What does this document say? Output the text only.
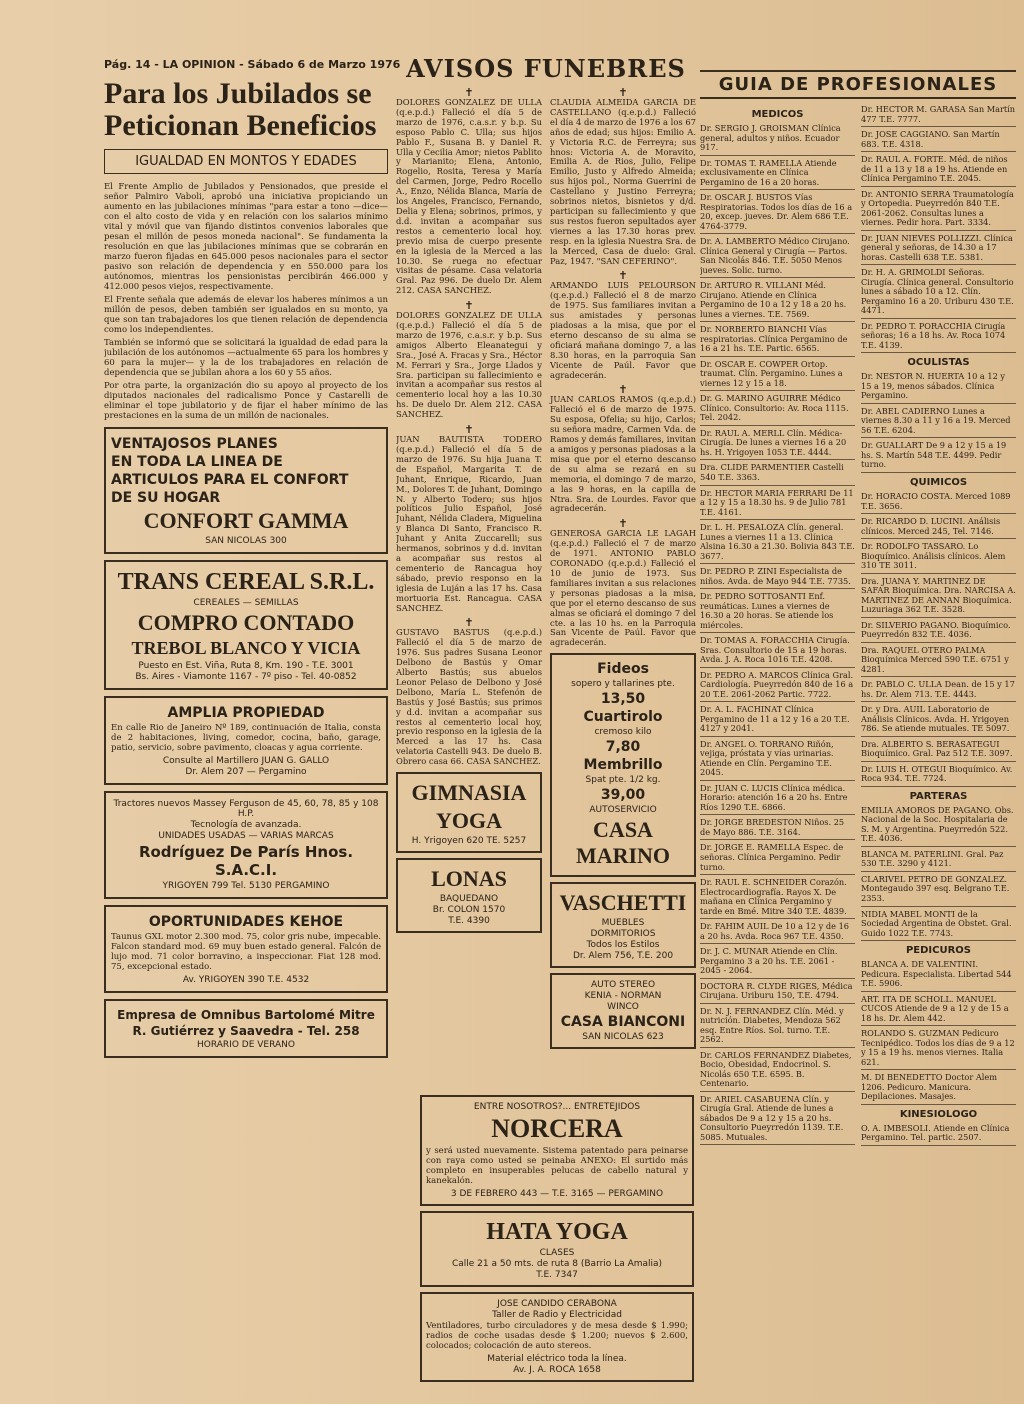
Pág. 14 - LA OPINION - Sábado 6 de Marzo 1976
Para los Jubilados se Peticionan Beneficios
IGUALDAD EN MONTOS Y EDADES

El Frente Amplio de Jubilados y Pensionados, que preside el señor Palmiro Vaboli, aprobó una iniciativa propiciando un aumento en las jubilaciones mínimas "para estar a tono —dice— con el alto costo de vida y en relación con los salarios mínimo vital y móvil que van fijando distintos convenios laborales que pesan el millón de pesos moneda nacional". Se fundamenta la resolución en que las jubilaciones mínimas que se cobrarán en marzo fueron fijadas en 645.000 pesos nacionales para el sector pasivo son relación de dependencia y en 550.000 para los autónomos, mientras los pensionistas percibirán 466.000 y 412.000 pesos viejos, respectivamente.

El Frente señala que además de elevar los haberes mínimos a un millón de pesos, deben también ser igualados en su monto, ya que son tan trabajadores los que tienen relación de dependencia como los independientes.

También se informó que se solicitará la igualdad de edad para la jubilación de los autónomos —actualmente 65 para los hombres y 60 para la mujer— y la de los trabajadores en relación de dependencia que se jubilan ahora a los 60 y 55 años.

Por otra parte, la organización dio su apoyo al proyecto de los diputados nacionales del radicalismo Ponce y Castarelli de eliminar el tope jubilatorio y de fijar el haber mínimo de las prestaciones en la suma de un millón de nacionales.

VENTAJOSOS PLANES
EN TODA LA LINEA DE
ARTICULOS PARA EL CONFORT
DE SU HOGAR
CONFORT GAMMA
SAN NICOLAS 300
TRANS CEREAL S.R.L.
CEREALES — SEMILLAS
COMPRO CONTADO
TREBOL BLANCO Y VICIA
Puesto en Est. Viña, Ruta 8, Km. 190 - T.E. 3001
Bs. Aires - Viamonte 1167 - 7º piso - Tel. 40-0852
AMPLIA PROPIEDAD

En calle Rio de Janeiro Nº 189, continuación de Italia, consta de 2 habitaciones, living, comedor, cocina, baño, garage, patio, servicio, sobre pavimento, cloacas y agua corriente.

Consulte al Martillero JUAN G. GALLO
Dr. Alem 207 — Pergamino
Tractores nuevos Massey Ferguson de 45, 60, 78, 85 y 108 H.P.
Tecnología de avanzada.
UNIDADES USADAS — VARIAS MARCAS
Rodríguez De París Hnos. S.A.C.I.
YRIGOYEN 799 Tel. 5130 PERGAMINO
OPORTUNIDADES KEHOE

Taunus GXL motor 2.300 mod. 75, color gris nube, impecable. Falcon standard mod. 69 muy buen estado general. Falcón de lujo mod. 71 color borravino, a inspeccionar. Fiat 128 mod. 75, excepcional estado.

Av. YRIGOYEN 390 T.E. 4532
Empresa de Omnibus Bartolomé Mitre
R. Gutiérrez y Saavedra - Tel. 258
HORARIO DE VERANO
AVISOS FUNEBRES
✝

DOLORES GONZALEZ DE ULLA (q.e.p.d.) Falleció el día 5 de marzo de 1976, c.a.s.r. y b.p. Su esposo Pablo C. Ulla; sus hijos Pablo F., Susana B. y Daniel R. Ulla y Cecilia Amor; nietos Pablito y Marianito; Elena, Antonio, Rogelio, Rosita, Teresa y María del Carmen, Jorge, Pedro Rocello A., Enzo, Nélida Blanca, María de los Angeles, Francisco, Fernando, Delia y Elena; sobrinos, primos, y d.d. invitan a acompañar sus restos a cementerio local hoy. previo misa de cuerpo presente en la iglesia de la Merced a las 10.30. Se ruega no efectuar visitas de pésame. Casa velatoria Gral. Paz 996. De duelo Dr. Alem 212. CASA SANCHEZ.

✝

DOLORES GONZALEZ DE ULLA (q.e.p.d.) Falleció el día 5 de marzo de 1976, c.a.s.r. y b.p. Sus amigos Alberto Eleanategui y Sra., José A. Fracas y Sra., Héctor M. Ferrari y Sra., Jorge Llados y Sra. participan su fallecimiento e invitan a acompañar sus restos al cementerio local hoy a las 10.30 hs. De duelo Dr. Alem 212. CASA SANCHEZ.

✝

JUAN BAUTISTA TODERO (q.e.p.d.) Falleció el día 5 de marzo de 1976. Su hija Juana T. de Español, Margarita T. de Juhant, Enrique, Ricardo, Juan M., Dolores T. de Juhant, Domingo N. y Alberto Todero; sus hijos políticos Julio Español, José Juhant, Nélida Cladera, Miguelina y Blanca Di Santo, Francisco R. Juhant y Anita Zuccarelli; sus hermanos, sobrinos y d.d. invitan a acompañar sus restos al cementerio de Rancagua hoy sábado, previo responso en la iglesia de Luján a las 17 hs. Casa mortuoria Est. Rancagua. CASA SANCHEZ.

✝

GUSTAVO BASTUS (q.e.p.d.) Falleció el día 5 de marzo de 1976. Sus padres Susana Leonor Delbono de Bastús y Omar Alberto Bastús; sus abuelos Leonor Pelaso de Delbono y José Delbono, María L. Stefenón de Bastús y José Bastús; sus primos y d.d. invitan a acompañar sus restos al cementerio local hoy, previo responso en la iglesia de la Merced a las 17 hs. Casa velatoria Castelli 943. De duelo B. Obrero casa 66. CASA SANCHEZ.

GIMNASIA
YOGA
H. Yrigoyen 620 TE. 5257
LONAS
BAQUEDANO
Br. COLON 1570
T.E. 4390
✝

CLAUDIA ALMEIDA GARCIA DE CASTELLANO (q.e.p.d.) Falleció el día 4 de marzo de 1976 a los 67 años de edad; sus hijos: Emilio A. y Victoria R.C. de Ferreyra; sus hnos: Victoria A. de Moravito, Emilia A. de Rios, Julio, Felipe Emilio, Justo y Alfredo Almeida; sus hijos pol., Norma Guerrini de Castellano y Justino Ferreyra; sobrinos nietos, bisnietos y d/d. participan su fallecimiento y que sus restos fueron sepultados ayer viernes a las 17.30 horas prev. resp. en la iglesia Nuestra Sra. de la Merced, Casa de duelo: Gral. Paz, 1947. "SAN CEFERINO".

✝

ARMANDO LUIS PELOURSON (q.e.p.d.) Falleció el 8 de marzo de 1975. Sus familiares invitan a sus amistades y personas piadosas a la misa, que por el eterno descanso de su alma se oficiará mañana domingo 7, a las 8.30 horas, en la parroquia San Vicente de Paúl. Favor que agradecerán.

✝

JUAN CARLOS RAMOS (q.e.p.d.) Falleció el 6 de marzo de 1975. Su esposa, Ofelia; su hijo, Carlos; su señora madre, Carmen Vda. de Ramos y demás familiares, invitan a amigos y personas piadosas a la misa que por el eterno descanso de su alma se rezará en su memoria, el domingo 7 de marzo, a las 9 horas, en la capilla de Ntra. Sra. de Lourdes. Favor que agradecerán.

✝

GENEROSA GARCIA LE LAGAH (q.e.p.d.) Falleció el 7 de marzo de 1971. ANTONIO PABLO CORONADO (q.e.p.d.) Falleció el 10 de junio de 1973. Sus familiares invitan a sus relaciones y personas piadosas a la misa, que por el eterno descanso de sus almas se oficiará el domingo 7 del cte. a las 10 hs. en la Parroquia San Vicente de Paúl. Favor que agradecerán.

Fideos
sopero y tallarines pte.
13,50
Cuartirolo
cremoso kilo
7,80
Membrillo
Spat pte. 1/2 kg.
39,00
AUTOSERVICIO
CASA MARINO
VASCHETTI
MUEBLES
DORMITORIOS
Todos los Estilos
Dr. Alem 756, T.E. 200
AUTO STEREO
KENIA - NORMAN
WINCO
CASA BIANCONI
SAN NICOLAS 623
ENTRE NOSOTROS?... ENTRETEJIDOS
NORCERA

y será usted nuevamente. Sistema patentado para peinarse con raya como usted se peinaba ANEXO: El surtido más completo en insuperables pelucas de cabello natural y kanekalón.

3 DE FEBRERO 443 — T.E. 3165 — PERGAMINO
HATA YOGA
CLASES
Calle 21 a 50 mts. de ruta 8 (Barrio La Amalia)
T.E. 7347
JOSE CANDIDO CERABONA
Taller de Radio y Electricidad

Ventiladores, turbo circuladores y de mesa desde $ 1.990; radios de coche usadas desde $ 1.200; nuevos $ 2.600, colocados; colocación de auto stereos.

Material eléctrico toda la línea.
Av. J. A. ROCA 1658
GUIA DE PROFESIONALES
MEDICOS

Dr. SERGIO J. GROISMAN Clínica general, adultos y niños. Ecuador 917.

Dr. TOMAS T. RAMELLA Atiende exclusivamente en Clínica Pergamino de 16 a 20 horas.

Dr. OSCAR J. BUSTOS Vías Respiratorias. Todos los días de 16 a 20, excep. jueves. Dr. Alem 686 T.E. 4764-3779.

Dr. A. LAMBERTO Médico Cirujano. Clínica General y Cirugía — Partos. San Nicolás 846. T.E. 5050 Menos jueves. Solic. turno.

Dr. ARTURO R. VILLANI Méd. Cirujano. Atiende en Clínica Pergamino de 10 a 12 y 18 a 20 hs. lunes a viernes. T.E. 7569.

Dr. NORBERTO BIANCHI Vías respiratorias. Clínica Pergamino de 16 a 21 hs. T.E. Partic. 6565.

Dr. OSCAR E. COWPER Ortop. traumat. Clín. Pergamino. Lunes a viernes 12 y 15 a 18.

Dr. G. MARINO AGUIRRE Médico Clínico. Consultorio: Av. Roca 1115. Tel. 2042.

Dr. RAUL A. MERLL Clín. Médica-Cirugía. De lunes a viernes 16 a 20 hs. H. Yrigoyen 1053 T.E. 4444.

Dra. CLIDE PARMENTIER Castelli 540 T.E. 3363.

Dr. HECTOR MARIA FERRARI De 11 a 12 y 15 a 18.30 hs. 9 de Julio 781 T.E. 4161.

Dr. L. H. PESALOZA Clín. general. Lunes a viernes 11 a 13. Clínica Alsina 16.30 a 21.30. Bolivia 843 T.E. 3677.

Dr. PEDRO P. ZINI Especialista de niños. Avda. de Mayo 944 T.E. 7735.

Dr. PEDRO SOTTOSANTI Enf. reumáticas. Lunes a viernes de 16.30 a 20 horas. Se atiende los miércoles.

Dr. TOMAS A. FORACCHIA Cirugía. Sras. Consultorio de 15 a 19 horas. Avda. J. A. Roca 1016 T.E. 4208.

Dr. PEDRO A. MARCOS Clínica Gral. Cardiología. Pueyrredón 840 de 16 a 20 T.E. 2061-2062 Partic. 7722.

Dr. A. L. FACHINAT Clínica Pergamino de 11 a 12 y 16 a 20 T.E. 4127 y 2041.

Dr. ANGEL O. TORRANO Riñón, vejiga, próstata y vías urinarias. Atiende en Clín. Pergamino T.E. 2045.

Dr. JUAN C. LUCIS Clínica médica. Horario: atención 16 a 20 hs. Entre Ríos 1290 T.E. 6866.

Dr. JORGE BREDESTON Niños. 25 de Mayo 886. T.E. 3164.

Dr. JORGE E. RAMELLA Espec. de señoras. Clínica Pergamino. Pedir turno.

Dr. RAUL E. SCHNEIDER Corazón. Electrocardiografía. Rayos X. De mañana en Clínica Pergamino y tarde en Bmé. Mitre 340 T.E. 4839.

Dr. FAHIM AUIL De 10 a 12 y de 16 a 20 hs. Avda. Roca 967 T.E. 4350.

Dr. J. C. MUNAR Atiende en Clín. Pergamino 3 a 20 hs. T.E. 2061 - 2045 - 2064.

DOCTORA R. CLYDE RIGES, Médica Cirujana. Uriburu 150, T.E. 4794.

Dr. N. J. FERNANDEZ Clín. Méd. y nutrición. Diabetes, Mendoza 562 esq. Entre Ríos. Sol. turno. T.E. 2562.

Dr. CARLOS FERNANDEZ Diabetes, Bocio, Obesidad, Endocrinol. S. Nicolás 650 T.E. 6595. B. Centenario.

Dr. ARIEL CASABUENA Clín. y Cirugía Gral. Atiende de lunes a sábados De 9 a 12 y 15 a 20 hs. Consultorio Pueyrredón 1139. T.E. 5085. Mutuales.

Dr. HECTOR M. GARASA San Martín 477 T.E. 7777.

Dr. JOSE CAGGIANO. San Martín 683. T.E. 4318.

Dr. RAUL A. FORTE. Méd. de niños de 11 a 13 y 18 a 19 hs. Atiende en Clínica Pergamino T.E. 2045.

Dr. ANTONIO SERRA Traumatología y Ortopedia. Pueyrredón 840 T.E. 2061-2062. Consultas lunes a viernes. Pedir hora. Part. 3334.

Dr. JUAN NIEVES POLLIZZI. Clínica general y señoras, de 14.30 a 17 horas. Castelli 638 T.E. 5381.

Dr. H. A. GRIMOLDI Señoras. Cirugía. Clínica general. Consultorio lunes a sábado 10 a 12. Clín. Pergamino 16 a 20. Uriburu 430 T.E. 4471.

Dr. PEDRO T. PORACCHIA Cirugía señoras; 16 a 18 hs. Av. Roca 1074 T.E. 4139.

OCULISTAS

Dr. NESTOR N. HUERTA 10 a 12 y 15 a 19, menos sábados. Clínica Pergamino.

Dr. ABEL CADIERNO Lunes a viernes 8.30 a 11 y 16 a 19. Merced 56 T.E. 6204.

Dr. GUALLART De 9 a 12 y 15 a 19 hs. S. Martín 548 T.E. 4499. Pedir turno.

QUIMICOS

Dr. HORACIO COSTA. Merced 1089 T.E. 3656.

Dr. RICARDO D. LUCINI. Análisis clínicos. Merced 245, Tel. 7146.

Dr. RODOLFO TASSARO. Lo Bioquímico. Análisis clínicos. Alem 310 TE 3011.

Dra. JUANA Y. MARTINEZ DE SAFAR Bioquímica. Dra. NARCISA A. MARTINEZ DE ANNAN Bioquímica. Luzuriaga 362 T.E. 3528.

Dr. SILVERIO PAGANO. Bioquímico. Pueyrredón 832 T.E. 4036.

Dra. RAQUEL OTERO PALMA Bioquímica Merced 590 T.E. 6751 y 4281.

Dr. PABLO C. ULLA Dean. de 15 y 17 hs. Dr. Alem 713. T.E. 4443.

Dr. y Dra. AUIL Laboratorio de Análisis Clínicos. Avda. H. Yrigoyen 786. Se atiende mutuales. TE 5097.

Dra. ALBERTO S. BERASATEGUI Bioquímico. Gral. Paz 512 T.E. 3097.

Dr. LUIS H. OTEGUI Bioquímico. Av. Roca 934. T.E. 7724.

PARTERAS

EMILIA AMOROS DE PAGANO. Obs. Nacional de la Soc. Hospitalaria de S. M. y Argentina. Pueyrredón 522. T.E. 4036.

BLANCA M. PATERLINI. Gral. Paz 530 T.E. 3290 y 4121.

CLARIVEL PETRO DE GONZALEZ. Montegaudo 397 esq. Belgrano T.E. 2353.

NIDIA MABEL MONTI de la Sociedad Argentina de Obstet. Gral. Guido 1022 T.E. 7743.

PEDICUROS

BLANCA A. DE VALENTINI. Pedicura. Especialista. Libertad 544 T.E. 5906.

ART. ITA DE SCHOLL. MANUEL CUCOS Atiende de 9 a 12 y de 15 a 18 hs. Dr. Alem 442.

ROLANDO S. GUZMAN Pedicuro Tecnipédico. Todos los días de 9 a 12 y 15 a 19 hs. menos viernes. Italia 621.

M. DI BENEDETTO Doctor Alem 1206. Pedicuro. Manicura. Depilaciones. Masajes.

KINESIOLOGO

O. A. IMBESOLI. Atiende en Clínica Pergamino. Tel. partic. 2507.
